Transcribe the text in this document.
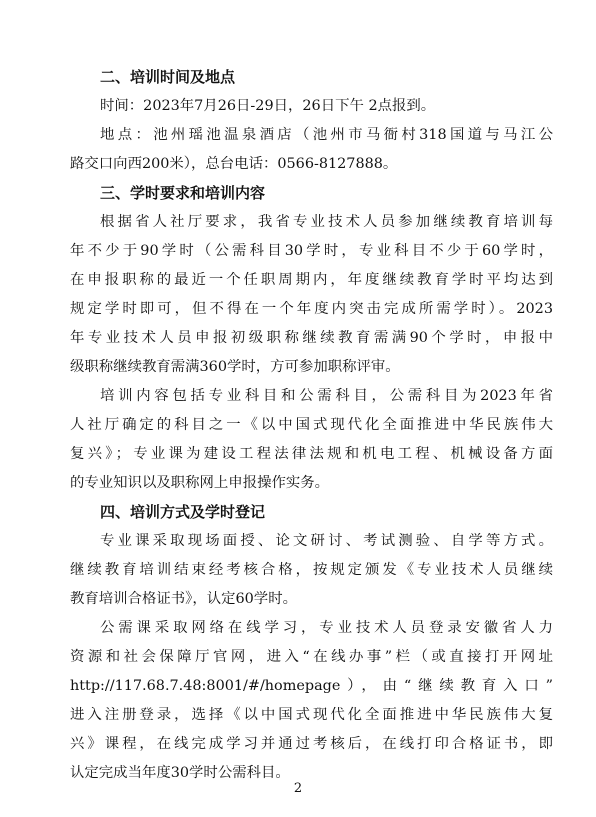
二、培训时间及地点
时间：2023年7月26日-29日，26日下午 2点报到。
地点：池州瑶池温泉酒店（池州市马衙村318国道与马江公
路交口向西200米），总台电话：0566-8127888。
三、学时要求和培训内容
根据省人社厅要求，我省专业技术人员参加继续教育培训每
年不少于90学时（公需科目30学时，专业科目不少于60学时，
在申报职称的最近一个任职周期内，年度继续教育学时平均达到
规定学时即可，但不得在一个年度内突击完成所需学时）。2023
年专业技术人员申报初级职称继续教育需满90个学时，申报中
级职称继续教育需满360学时，方可参加职称评审。
培训内容包括专业科目和公需科目，公需科目为2023年省
人社厅确定的科目之一《以中国式现代化全面推进中华民族伟大
复兴》；专业课为建设工程法律法规和机电工程、机械设备方面
的专业知识以及职称网上申报操作实务。
四、培训方式及学时登记
专业课采取现场面授、论文研讨、考试测验、自学等方式。
继续教育培训结束经考核合格，按规定颁发《专业技术人员继续
教育培训合格证书》，认定60学时。
公需课采取网络在线学习，专业技术人员登录安徽省人力
资源和社会保障厅官网，进入“在线办事”栏（或直接打开网址
http://117.68.7.48:8001/#/homepage），由“继续教育入口”
进入注册登录，选择《以中国式现代化全面推进中华民族伟大复
兴》课程，在线完成学习并通过考核后，在线打印合格证书，即
认定完成当年度30学时公需科目。
2
